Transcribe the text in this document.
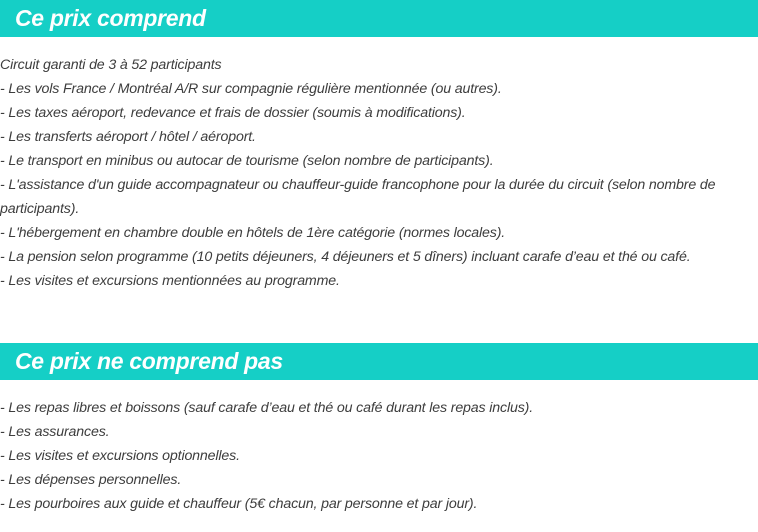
Ce prix comprend
Circuit garanti de 3 à 52 participants
- Les vols France / Montréal A/R sur compagnie régulière mentionnée (ou autres).
- Les taxes aéroport, redevance et frais de dossier (soumis à modifications).
- Les transferts aéroport / hôtel / aéroport.
- Le transport en minibus ou autocar de tourisme (selon nombre de participants).
- L'assistance d'un guide accompagnateur ou chauffeur-guide francophone pour la durée du circuit (selon nombre de participants).
- L'hébergement en chambre double en hôtels de 1ère catégorie (normes locales).
- La pension selon programme (10 petits déjeuners, 4 déjeuners et 5 dîners) incluant carafe d’eau et thé ou café.
- Les visites et excursions mentionnées au programme.
Ce prix ne comprend pas
- Les repas libres et boissons (sauf carafe d’eau et thé ou café durant les repas inclus).
- Les assurances.
- Les visites et excursions optionnelles.
- Les dépenses personnelles.
- Les pourboires aux guide et chauffeur (5€ chacun, par personne et par jour).
